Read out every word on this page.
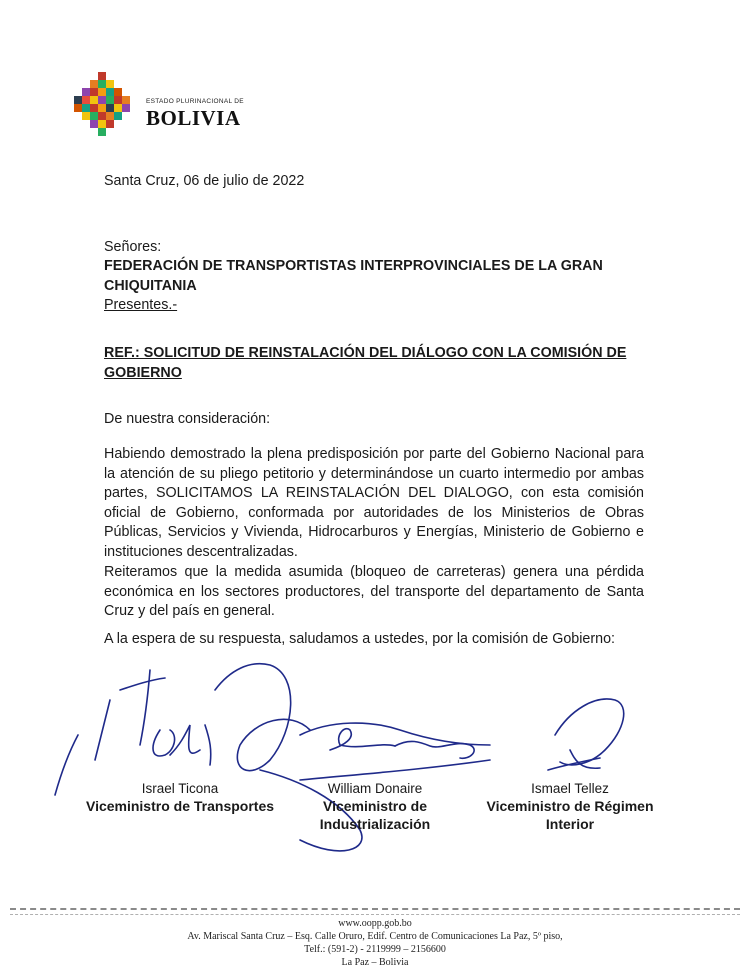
ESTADO PLURINACIONAL DE
BOLIVIA
Santa Cruz, 06 de julio de 2022
Señores:
FEDERACIÓN DE TRANSPORTISTAS INTERPROVINCIALES DE LA GRAN CHIQUITANIA
Presentes.-
REF.: SOLICITUD DE REINSTALACIÓN DEL DIÁLOGO CON LA COMISIÓN DE GOBIERNO
De nuestra consideración:
Habiendo demostrado la plena predisposición por parte del Gobierno Nacional para la atención de su pliego petitorio y determinándose un cuarto intermedio por ambas partes, SOLICITAMOS LA REINSTALACIÓN DEL DIALOGO, con esta comisión oficial de Gobierno, conformada por autoridades de los Ministerios de Obras Públicas, Servicios y Vivienda, Hidrocarburos y Energías, Ministerio de Gobierno e instituciones descentralizadas.
Reiteramos que la medida asumida (bloqueo de carreteras) genera una pérdida económica en los sectores productores, del transporte del departamento de Santa Cruz y del país en general.
A la espera de su respuesta, saludamos a ustedes, por la comisión de Gobierno:
Israel Ticona
Viceministro de Transportes
William Donaire
Viceministro de Industrialización
Ismael Tellez
Viceministro de Régimen Interior
www.oopp.gob.bo
Av. Mariscal Santa Cruz – Esq. Calle Oruro, Edif. Centro de Comunicaciones La Paz, 5º piso,
Telf.: (591-2) - 2119999 – 2156600
La Paz – Bolivia
